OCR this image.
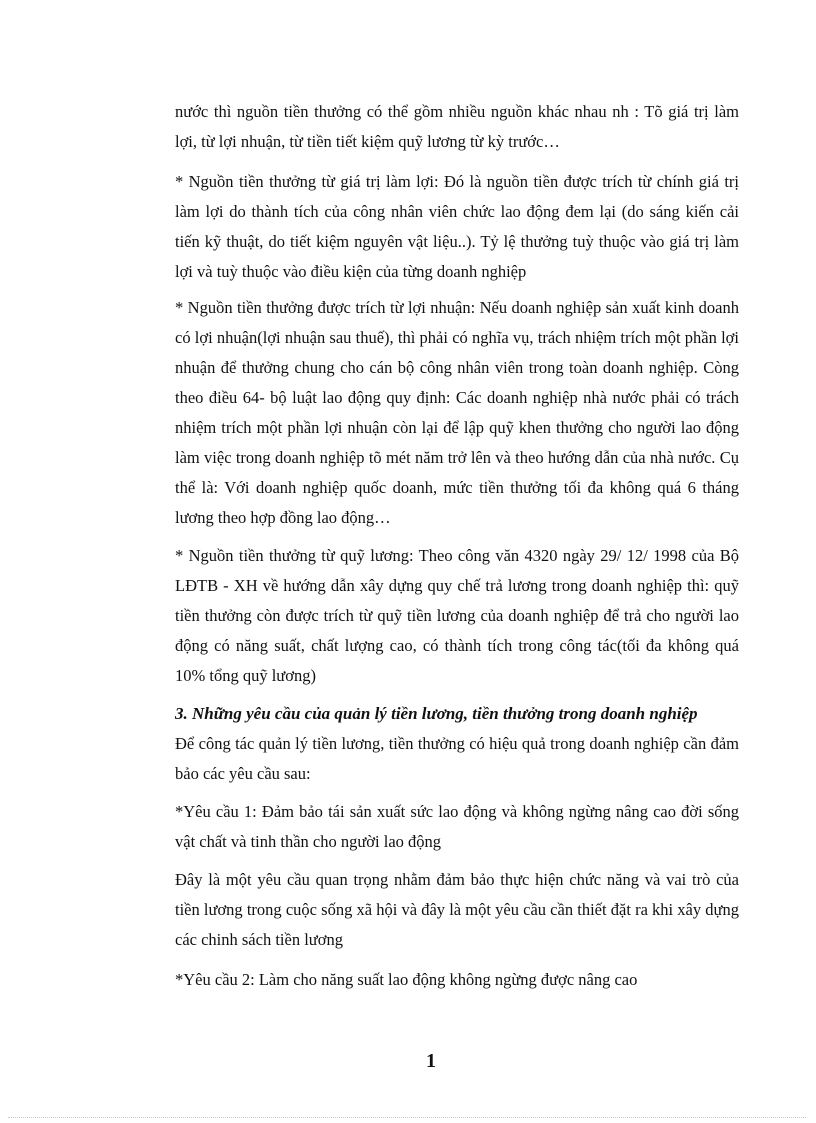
nước thì nguồn tiền thưởng có thể gồm nhiều nguồn khác nhau nh : Tõ giá trị làm lợi, từ lợi nhuận, từ tiền tiết kiệm quỹ lương từ kỳ trước…

* Nguồn tiền thưởng từ giá trị làm lợi: Đó là nguồn tiền được trích từ chính giá trị làm lợi do thành tích của công nhân viên chức lao động đem lại (do sáng kiến cải tiến kỹ thuật, do tiết kiệm nguyên vật liệu..). Tỷ lệ thưởng tuỳ thuộc vào giá trị làm lợi và tuỳ thuộc vào điều kiện của từng doanh nghiệp

* Nguồn tiền thưởng được trích từ lợi nhuận: Nếu doanh nghiệp sản xuất kinh doanh có lợi nhuận(lợi nhuận sau thuế), thì phải có nghĩa vụ, trách nhiệm trích một phần lợi nhuận để thưởng chung cho cán bộ công nhân viên trong toàn doanh nghiệp. Còng theo điều 64- bộ luật lao động quy định: Các doanh nghiệp nhà nước phải có trách nhiệm trích một phần lợi nhuận còn lại để lập quỹ khen thưởng cho người lao động làm việc trong doanh nghiệp tõ mét năm trở lên và theo hướng dẫn của nhà nước. Cụ thể là: Với doanh nghiệp quốc doanh, mức tiền thưởng tối đa không quá 6 tháng lương theo hợp đồng lao động…

* Nguồn tiền thưởng từ quỹ lương: Theo công văn 4320 ngày 29/ 12/ 1998 của Bộ LĐTB - XH về hướng dẫn xây dựng quy chế trả lương trong doanh nghiệp thì: quỹ tiền thưởng còn được trích từ quỹ tiền lương của doanh nghiệp để trả cho người lao động có năng suất, chất lượng cao, có thành tích trong công tác(tối đa không quá 10% tổng quỹ lương)

3. Những yêu cầu của quản lý tiền lương, tiền thưởng trong doanh nghiệp

Để công tác quản lý tiền lương, tiền thưởng có hiệu quả trong doanh nghiệp cần đảm bảo các yêu cầu sau:

*Yêu cầu 1: Đảm bảo tái sản xuất sức lao động và không ngừng nâng cao đời sống vật chất và tinh thần cho người lao động

Đây là một yêu cầu quan trọng nhằm đảm bảo thực hiện chức năng và vai trò của tiền lương trong cuộc sống xã hội và đây là một yêu cầu cần thiết đặt ra khi xây dựng các chinh sách tiền lương

*Yêu cầu 2: Làm cho năng suất lao động không ngừng được nâng cao

1
